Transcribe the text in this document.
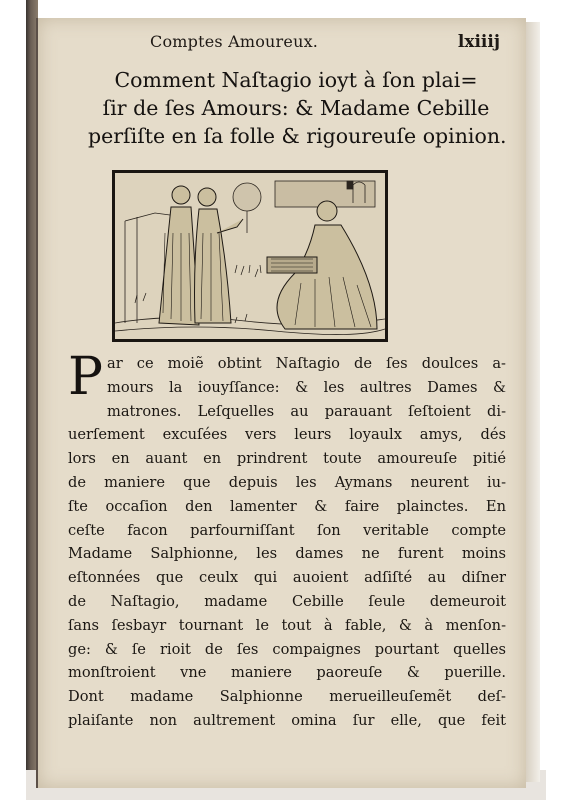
Comptes Amoureux.	lxiiij
Comment Naſtagio ioyt à ſon plai=
ſir de ſes Amours: & Madame Cebille
perſiſte en ſa folle & rigoureuſe opinion.
P ar ce moiẽ obtint Naſtagio de ſes doulces a-
mours la iouyſſance: & les aultres Dames &
matrones. Leſquelles au parauant ſeſtoient di-
uerſement excuſées vers leurs loyaulx amys, dés
lors en auant en prindrent toute amoureuſe pitié
de maniere que depuis les Aymans neurent iu-
ſte occaſion den lamenter & faire plainctes. En
ceſte facon parfourniſſant ſon veritable compte
Madame Salphionne, les dames ne furent moins
eſtonnées que ceulx qui auoient adſiſté au diſner
de Naſtagio, madame Cebille ſeule demeuroit
ſans ſesbayr tournant le tout à fable, & à menſon-
ge: & ſe rioit de ſes compaignes pourtant quelles
monſtroient vne maniere paoreuſe & puerille.
Dont madame Salphionne merueilleuſemẽt deſ-
plaiſante non aultrement omina ſur elle, que feit
